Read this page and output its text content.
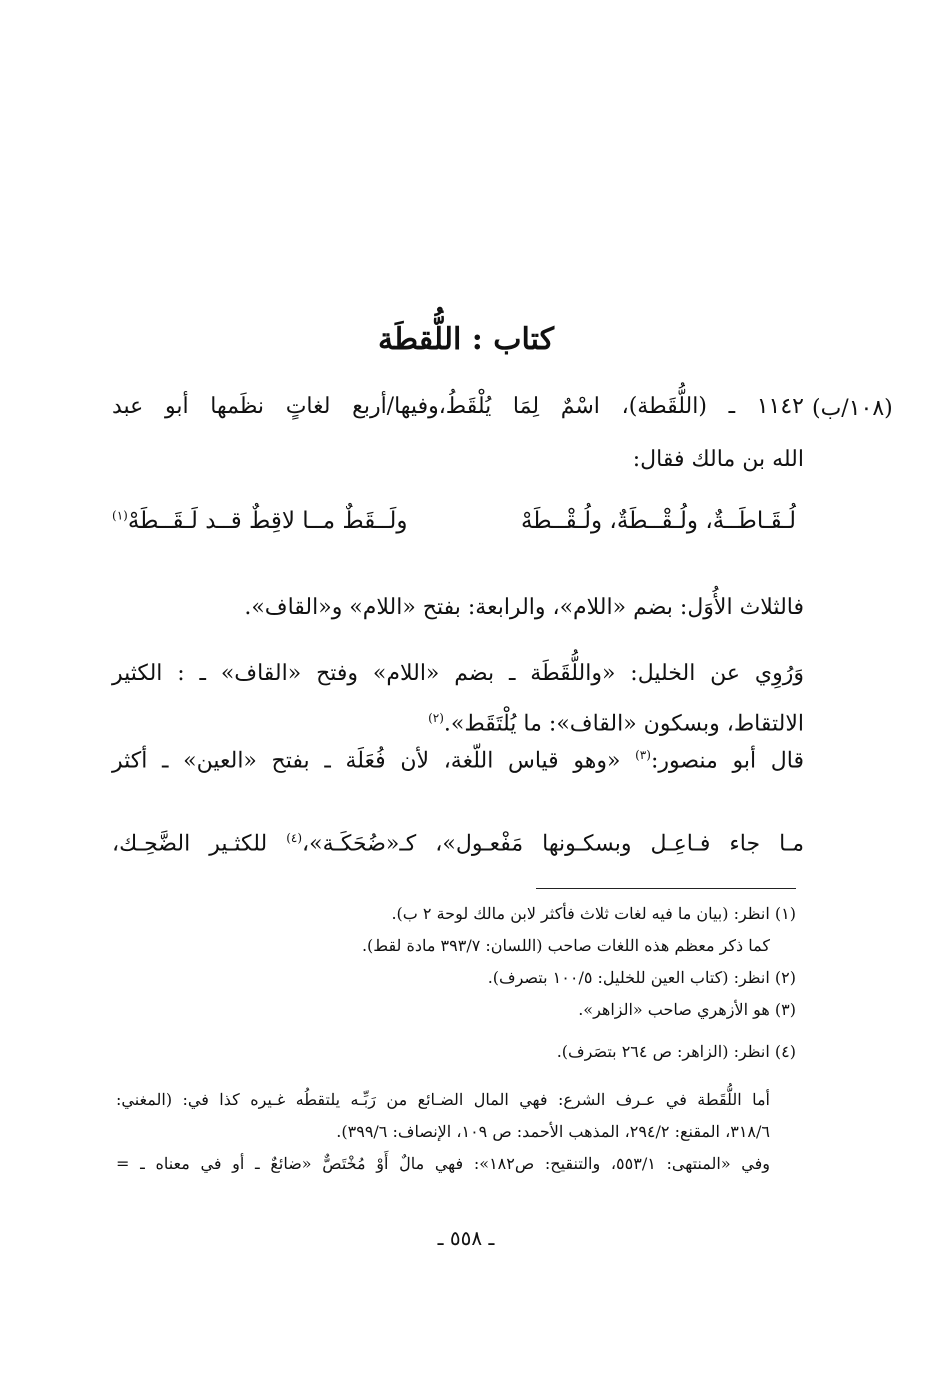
كتاب : اللُّقطَة
(١٠٨/ب)
١١٤٢ ـ (اللُّقَطة)، اسْمٌ لِمَا يُلْقَطُ،وفيها/أربع لغاتٍ نظَمها أبو عبد
الله بن مالك فقال:
لُـقَـاطَــةٌ، ولُـقْــطَةٌ، ولُـقْــطَهْ
ولَــقَطٌ مــا لاقِطٌ قــد لَـقَــطَهْ$^{(١)}$
فالثلاث الأُوَل: بضم «اللام»، والرابعة: بفتح «اللام» و«القاف».
وَرُوِي عن الخليل: «واللُّقَطَة ـ بضم «اللام» وفتح «القاف» ـ : الكثير
الالتقاط، وبسكون «القاف»: ما يُلْتَقَط».$^{(٢)}$
قال أبو منصور:$^{(٣)}$ «وهو قياس اللّغة، لأن فُعَلَة ـ بفتح «العين» ـ أكثر
مـا جاء فـاعِـل وبسكـونها مَفْعـول»، كـ«ضُحَكَـة»،$^{(٤)}$ للكثـير الضَّحِـك،
(١) انظر: (بيان ما فيه لغات ثلاث فأكثر لابن مالك لوحة ٢ ب).
كما ذكر معظم هذه اللغات صاحب (اللسان: ٣٩٣/٧ مادة لقط).
(٢) انظر: (كتاب العين للخليل: ١٠٠/٥ بتصرف).
(٣) هو الأزهري صاحب «الزاهر».
(٤) انظر: (الزاهر: ص ٢٦٤ بتصَرف).
أما اللُّقَطة في عـرف الشرع: فهي المال الضـائع من رَبِّـه يلتقطُه غـيره كذا في: (المغني:
٣١٨/٦، المقنع: ٢٩٤/٢، المذهب الأحمد: ص ١٠٩، الإنصاف: ٣٩٩/٦).
وفي «المنتهى: ٥٥٣/١، والتنقيح: ص١٨٢»: فهي مالٌ أَوْ مُخْتَصٌّ «ضائعٌ ـ أو في معناه ـ =
ـ ٥٥٨ ـ
